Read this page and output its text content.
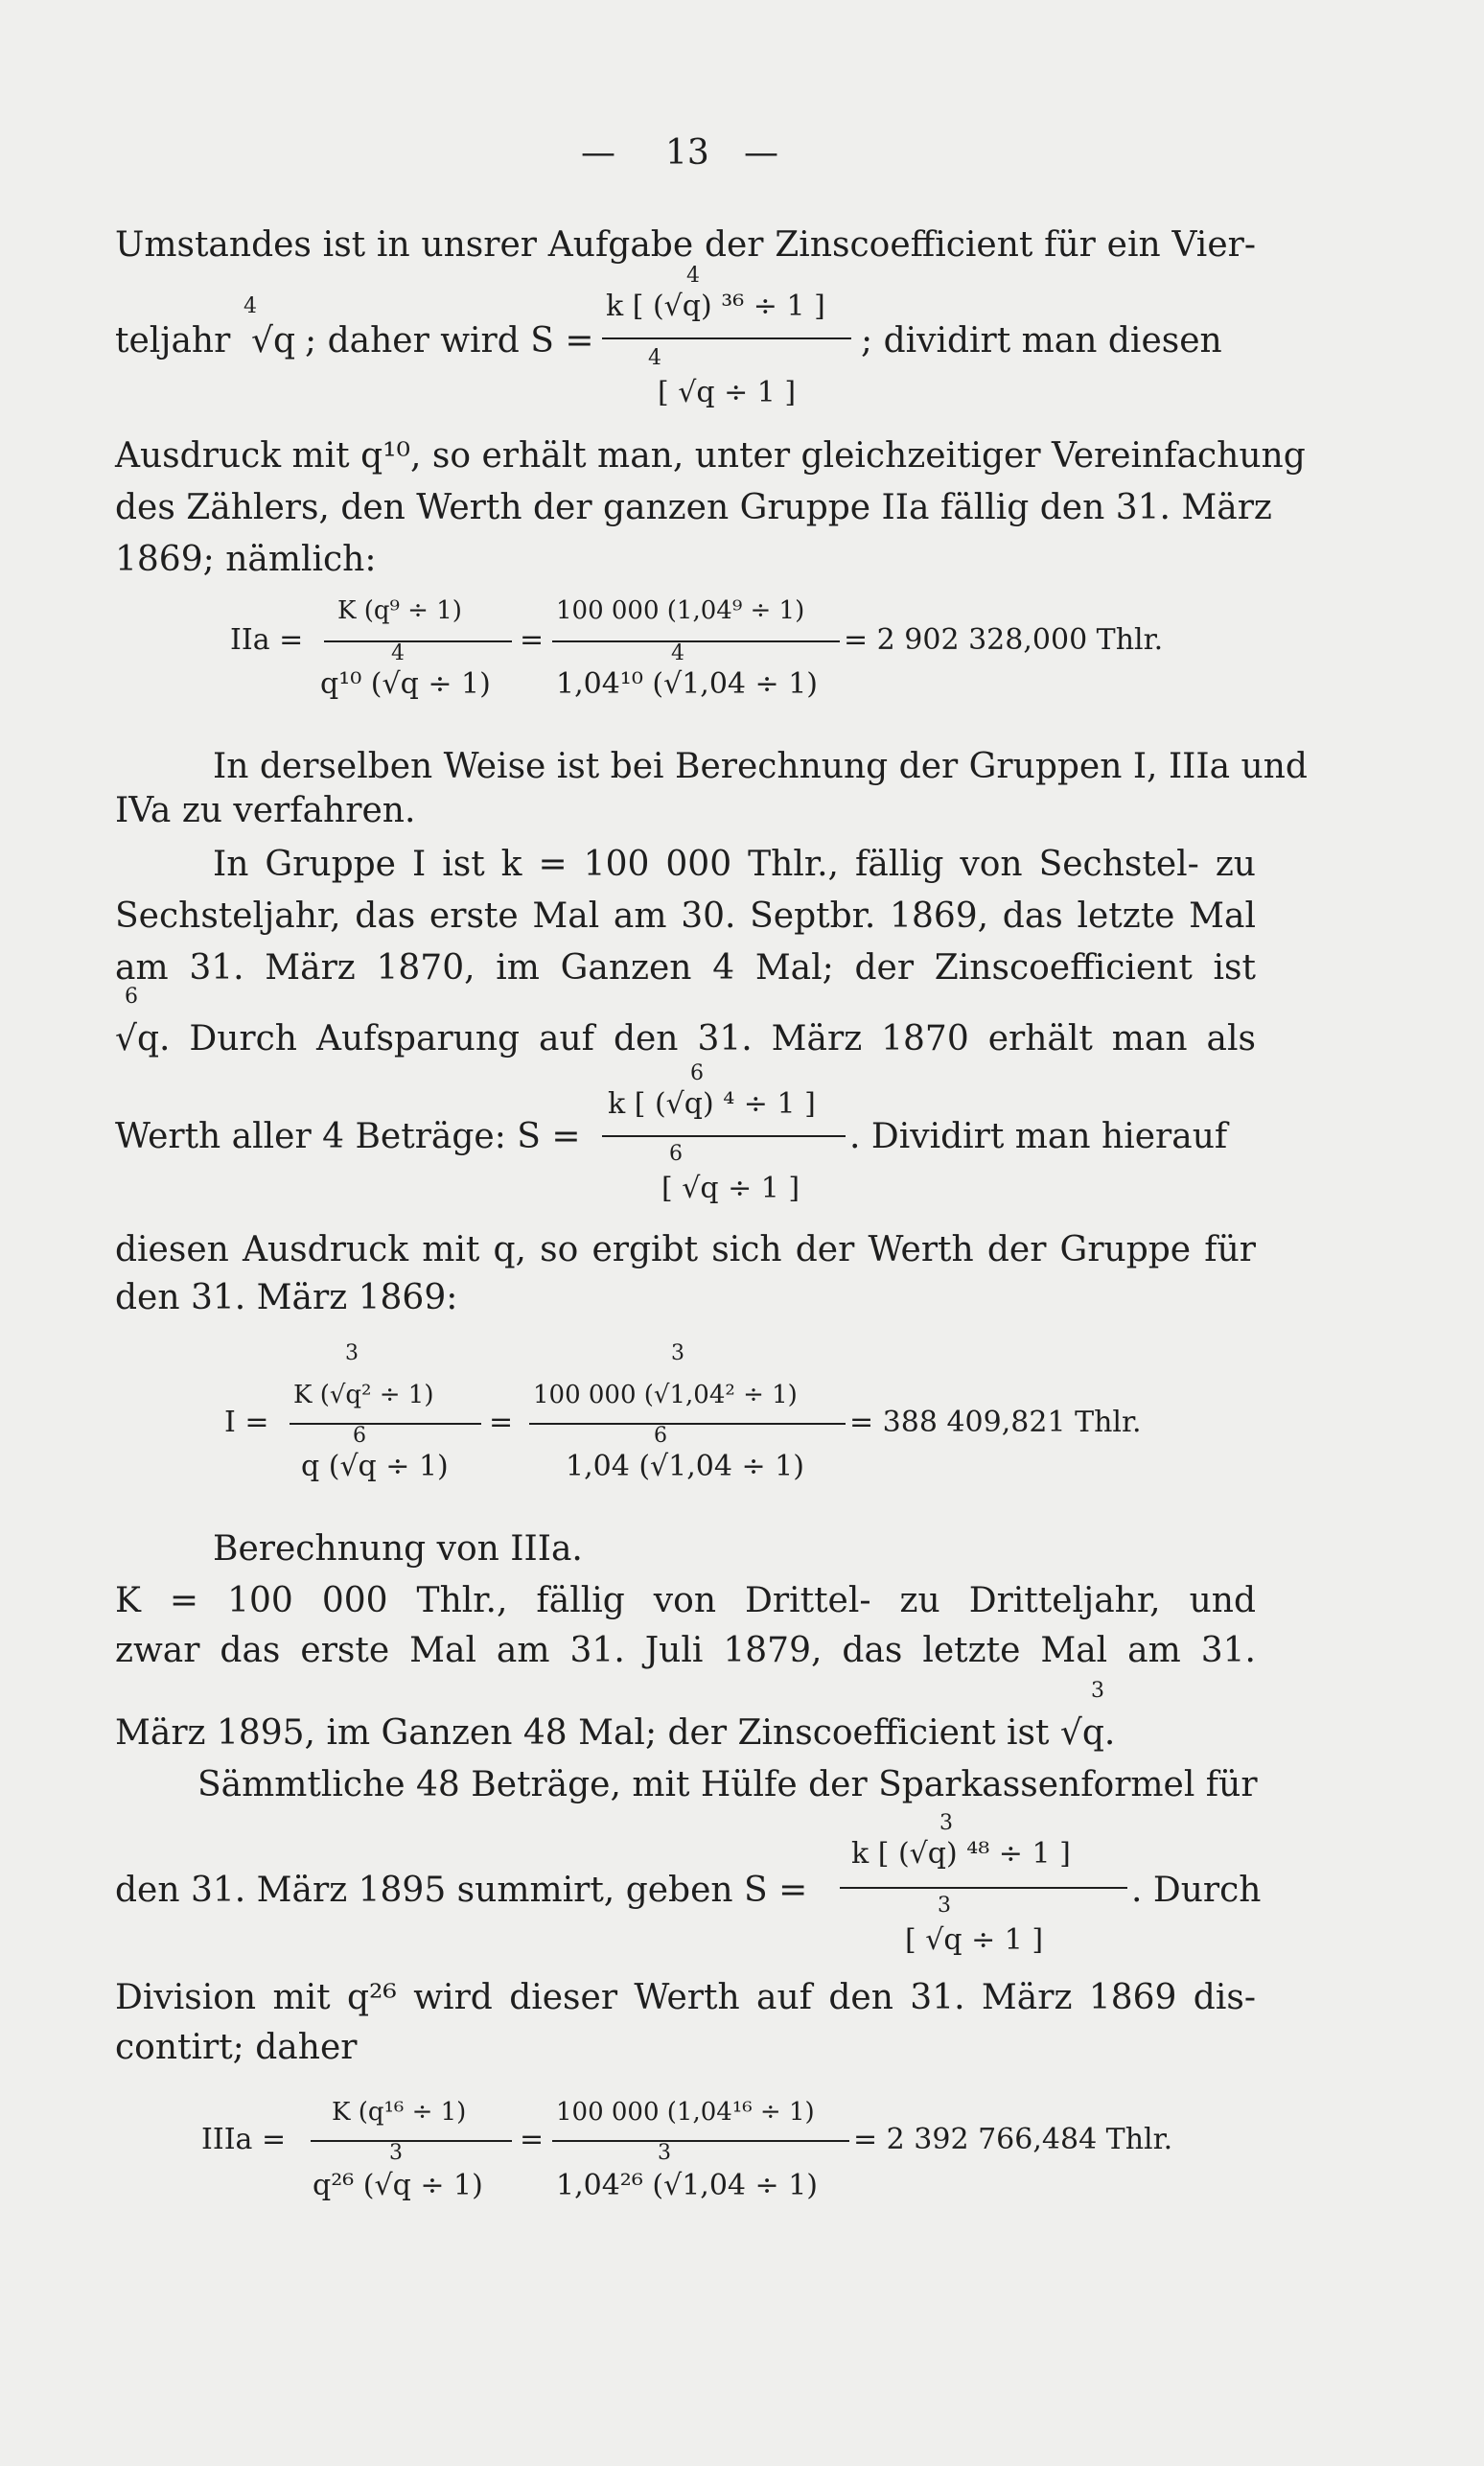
— 13 —
Umstandes ist in unsrer Aufgabe der Zinscoefficient für ein Vier-
teljahr
4
√q ; daher wird S =
4
k [ (√q) ³⁶ ÷ 1 ]
4
[ √q ÷ 1 ]
; dividirt man diesen
Ausdruck mit q¹⁰, so erhält man, unter gleichzeitiger Vereinfachung
des Zählers, den Werth der ganzen Gruppe IIa fällig den 31. März
1869; nämlich:
IIa =
K (q⁹ ÷ 1)
4
q¹⁰ (√q ÷ 1)
=
100 000 (1,04⁹ ÷ 1)
4
1,04¹⁰ (√1,04 ÷ 1)
= 2 902 328,000 Thlr.
In derselben Weise ist bei Berechnung der Gruppen I, IIIa und
IVa zu verfahren.
In Gruppe I ist k = 100 000 Thlr., fällig von Sechstel- zu
Sechsteljahr, das erste Mal am 30. Septbr. 1869, das letzte Mal
am 31. März 1870, im Ganzen 4 Mal; der Zinscoefficient ist
6
√q. Durch Aufsparung auf den 31. März 1870 erhält man als
Werth aller 4 Beträge: S =
6
k [ (√q) ⁴ ÷ 1 ]
6
[ √q ÷ 1 ]
. Dividirt man hierauf
diesen Ausdruck mit q, so ergibt sich der Werth der Gruppe für
den 31. März 1869:
I =
3
K (√q² ÷ 1)
6
q (√q ÷ 1)
=
3
100 000 (√1,04² ÷ 1)
6
1,04 (√1,04 ÷ 1)
= 388 409,821 Thlr.
Berechnung von IIIa.
K = 100 000 Thlr., fällig von Drittel- zu Dritteljahr, und
zwar das erste Mal am 31. Juli 1879, das letzte Mal am 31.
3
März 1895, im Ganzen 48 Mal; der Zinscoefficient ist √q.
Sämmtliche 48 Beträge, mit Hülfe der Sparkassenformel für
den 31. März 1895 summirt, geben S =
3
k [ (√q) ⁴⁸ ÷ 1 ]
3
[ √q ÷ 1 ]
. Durch
Division mit q²⁶ wird dieser Werth auf den 31. März 1869 dis-
contirt; daher
IIIa =
K (q¹⁶ ÷ 1)
3
q²⁶ (√q ÷ 1)
=
100 000 (1,04¹⁶ ÷ 1)
3
1,04²⁶ (√1,04 ÷ 1)
= 2 392 766,484 Thlr.
